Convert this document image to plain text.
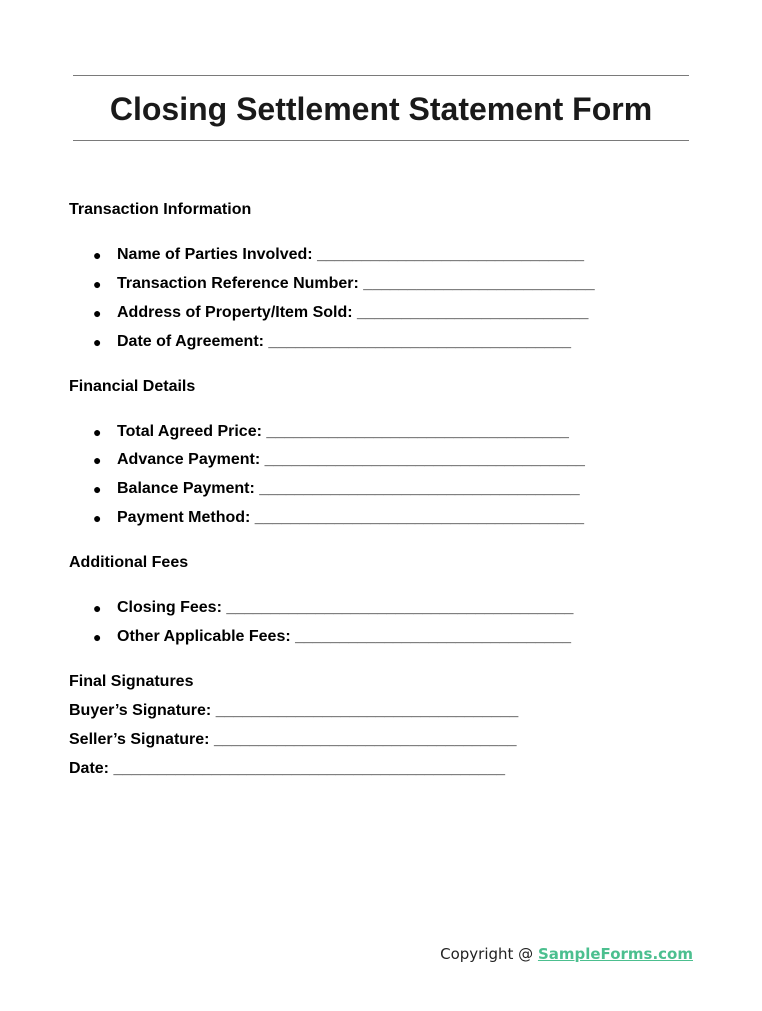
Closing Settlement Statement Form
Transaction Information
● Name of Parties Involved: ______________________________
● Transaction Reference Number: __________________________
● Address of Property/Item Sold: __________________________
● Date of Agreement: __________________________________
Financial Details
● Total Agreed Price: __________________________________
● Advance Payment: ____________________________________
● Balance Payment: ____________________________________
● Payment Method: _____________________________________
Additional Fees
● Closing Fees: _______________________________________
● Other Applicable Fees: _______________________________
Final Signatures
Buyer’s Signature: __________________________________
Seller’s Signature: __________________________________
Date: ____________________________________________
Copyright @ SampleForms.com
